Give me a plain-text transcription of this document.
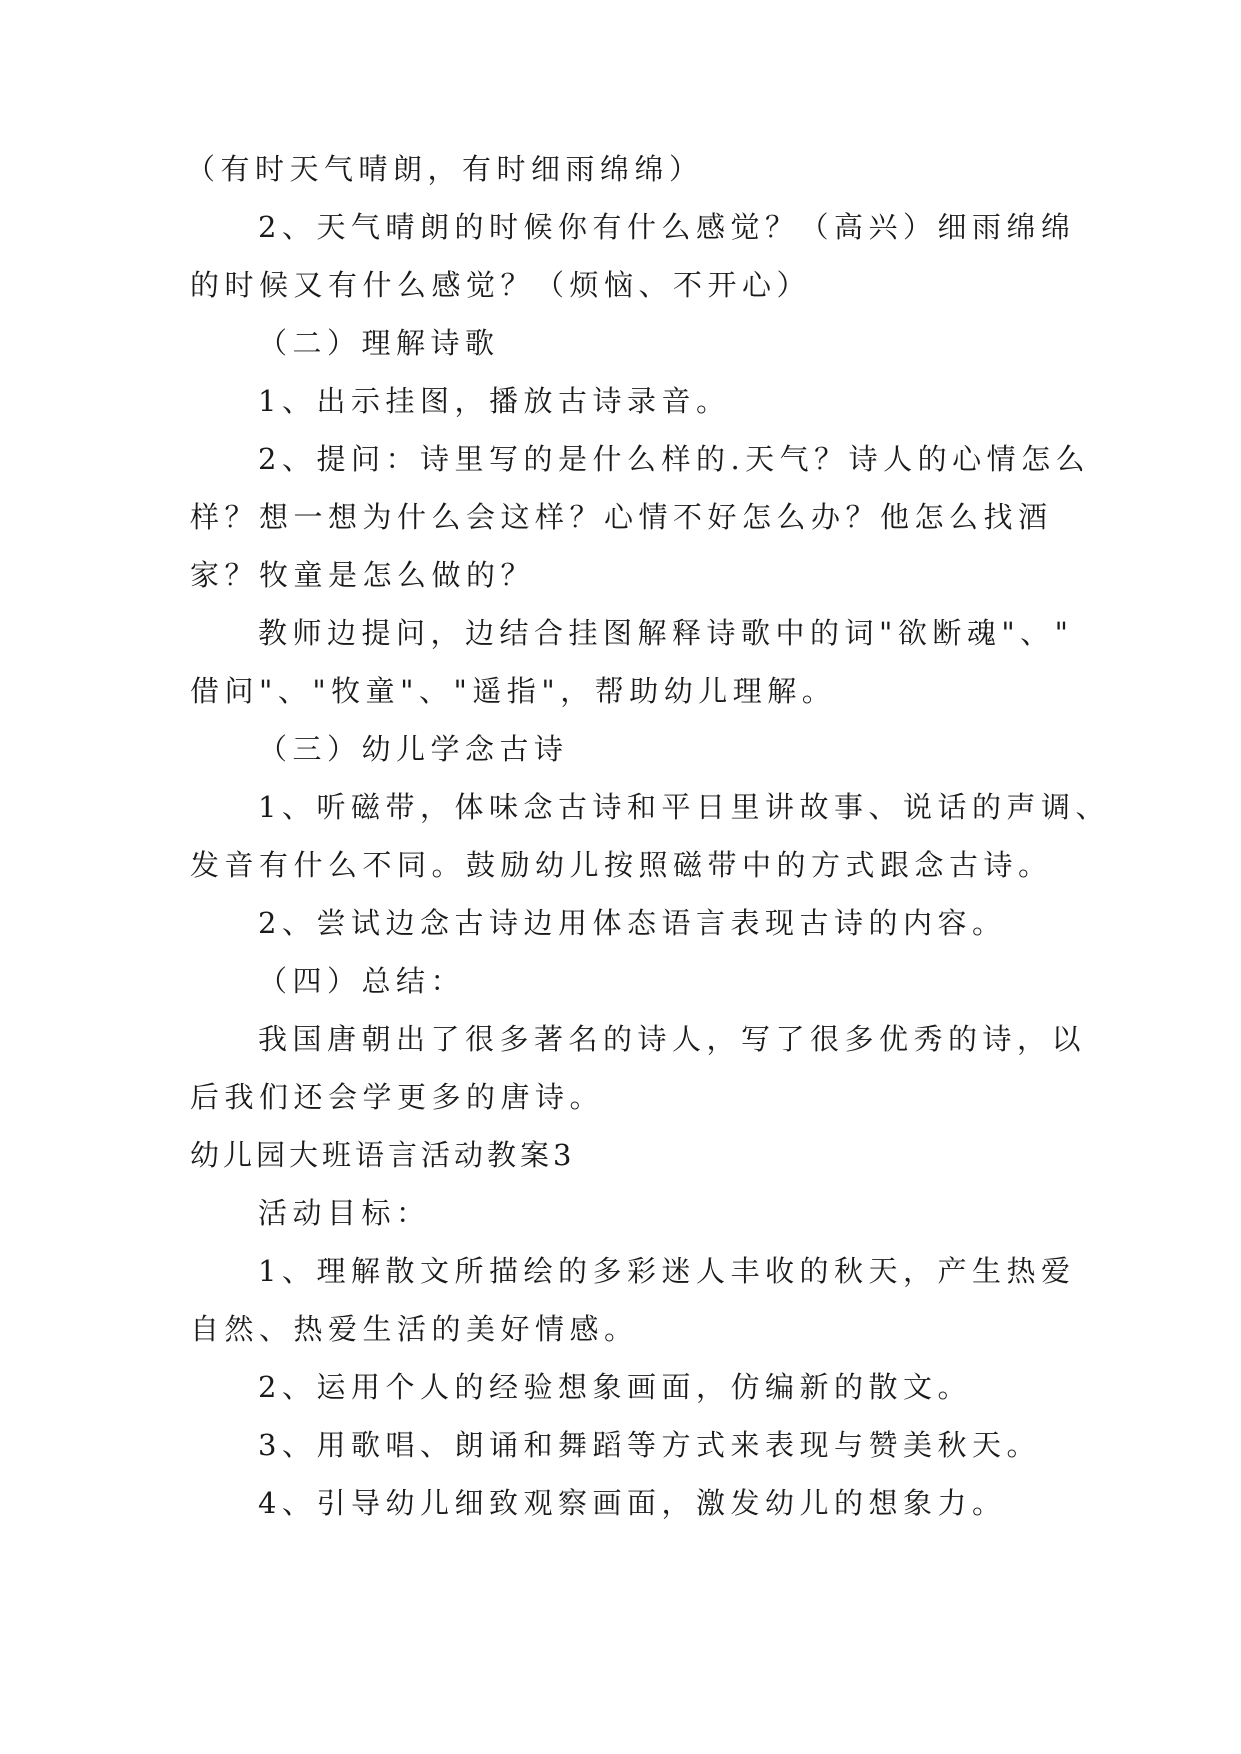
（有时天气晴朗，有时细雨绵绵）
2、天气晴朗的时候你有什么感觉？（高兴）细雨绵绵
的时候又有什么感觉？（烦恼、不开心）
（二）理解诗歌
1、出示挂图，播放古诗录音。
2、提问：诗里写的是什么样的.天气？诗人的心情怎么
样？想一想为什么会这样？心情不好怎么办？他怎么找酒
家？牧童是怎么做的？
教师边提问，边结合挂图解释诗歌中的词"欲断魂"、"
借问"、"牧童"、"遥指"，帮助幼儿理解。
（三）幼儿学念古诗
1、听磁带，体味念古诗和平日里讲故事、说话的声调、
发音有什么不同。鼓励幼儿按照磁带中的方式跟念古诗。
2、尝试边念古诗边用体态语言表现古诗的内容。
（四）总结：
我国唐朝出了很多著名的诗人，写了很多优秀的诗，以
后我们还会学更多的唐诗。
幼儿园大班语言活动教案3
活动目标：
1、理解散文所描绘的多彩迷人丰收的秋天，产生热爱
自然、热爱生活的美好情感。
2、运用个人的经验想象画面，仿编新的散文。
3、用歌唱、朗诵和舞蹈等方式来表现与赞美秋天。
4、引导幼儿细致观察画面，激发幼儿的想象力。
